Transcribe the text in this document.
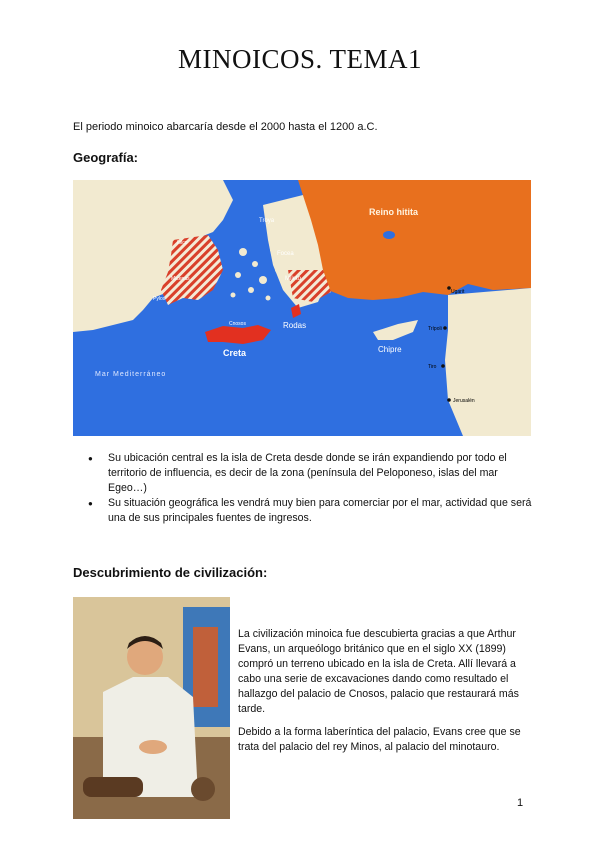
MINOICOS. TEMA1
El periodo minoico abarcaría desde el 2000 hasta el 1200 a.C.
Geografía:
Reino hitita
Troya
Focea
Mileto
Rodas
Creta
Cnosos
Chipre
Mar Mediterráneo
Ugarit
Trípoli
Tiro
Jerusalén
Pylos
Micenas
Iolco
● Su ubicación central es la isla de Creta desde donde se irán expandiendo por todo el territorio de influencia, es decir de la zona (península del Peloponeso, islas del mar Egeo…)
● Su situación geográfica les vendrá muy bien para comerciar por el mar, actividad que será una de sus principales fuentes de ingresos.
Descubrimiento de civilización:

La civilización minoica fue descubierta gracias a que Arthur Evans, un arqueólogo británico que en el siglo XX (1899) compró un terreno ubicado en la isla de Creta. Allí llevará a cabo una serie de excavaciones dando como resultado el hallazgo del palacio de Cnosos, palacio que restaurará más tarde.

Debido a la forma laberíntica del palacio, Evans cree que se trata del palacio del rey Minos, al palacio del minotauro.

1
